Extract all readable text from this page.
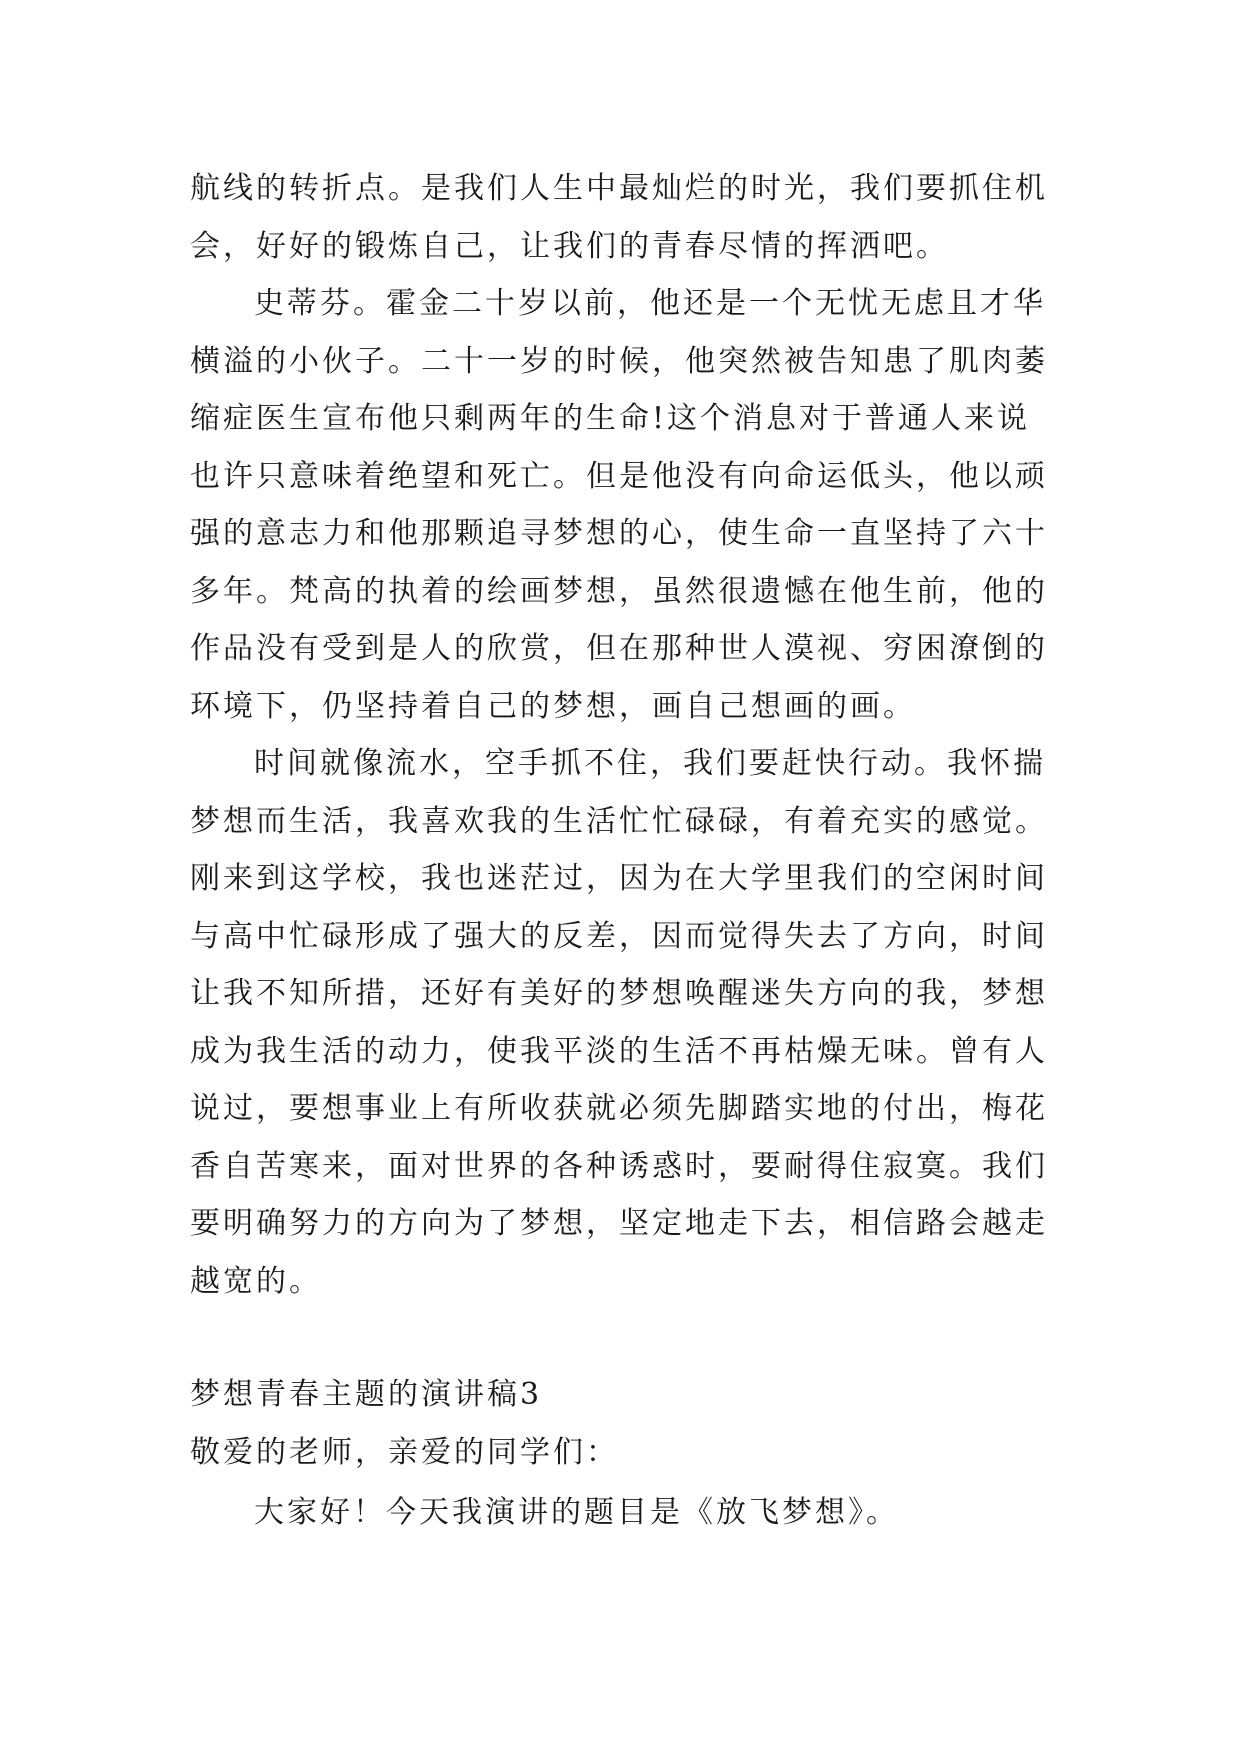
航线的转折点。是我们人生中最灿烂的时光，我们要抓住机
会，好好的锻炼自己，让我们的青春尽情的挥洒吧。
史蒂芬。霍金二十岁以前，他还是一个无忧无虑且才华
横溢的小伙子。二十一岁的时候，他突然被告知患了肌肉萎
缩症医生宣布他只剩两年的生命!这个消息对于普通人来说
也许只意味着绝望和死亡。但是他没有向命运低头，他以顽
强的意志力和他那颗追寻梦想的心，使生命一直坚持了六十
多年。梵高的执着的绘画梦想，虽然很遗憾在他生前，他的
作品没有受到是人的欣赏，但在那种世人漠视、穷困潦倒的
环境下，仍坚持着自己的梦想，画自己想画的画。
时间就像流水，空手抓不住，我们要赶快行动。我怀揣
梦想而生活，我喜欢我的生活忙忙碌碌，有着充实的感觉。
刚来到这学校，我也迷茫过，因为在大学里我们的空闲时间
与高中忙碌形成了强大的反差，因而觉得失去了方向，时间
让我不知所措，还好有美好的梦想唤醒迷失方向的我，梦想
成为我生活的动力，使我平淡的生活不再枯燥无味。曾有人
说过，要想事业上有所收获就必须先脚踏实地的付出，梅花
香自苦寒来，面对世界的各种诱惑时，要耐得住寂寞。我们
要明确努力的方向为了梦想，坚定地走下去，相信路会越走
越宽的。
梦想青春主题的演讲稿3
敬爱的老师，亲爱的同学们：
大家好！今天我演讲的题目是《放飞梦想》。
